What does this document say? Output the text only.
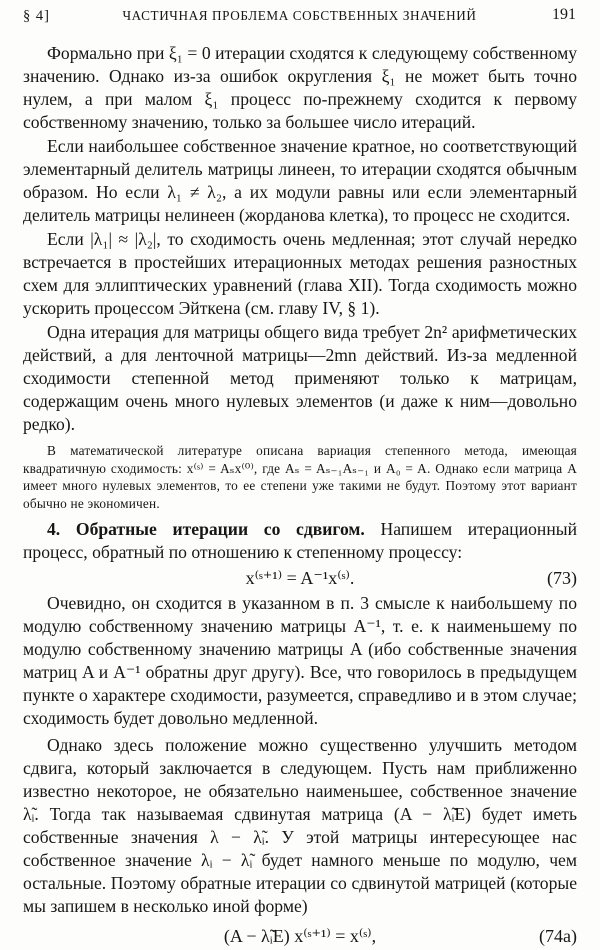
§ 4]	ЧАСТИЧНАЯ ПРОБЛЕМА СОБСТВЕННЫХ ЗНАЧЕНИЙ	191

Формально при ξ₁ = 0 итерации сходятся к следующему собственному значению. Однако из-за ошибок округления ξ₁ не может быть точно нулем, а при малом ξ₁ процесс по-прежнему сходится к первому собственному значению, только за большее число итераций.

Если наибольшее собственное значение кратное, но соответствующий элементарный делитель матрицы линеен, то итерации сходятся обычным образом. Но если λ₁ ≠ λ₂, а их модули равны или если элементарный делитель матрицы нелинеен (жорданова клетка), то процесс не сходится.

Если |λ₁| ≈ |λ₂|, то сходимость очень медленная; этот случай нередко встречается в простейших итерационных методах решения разностных схем для эллиптических уравнений (глава XII). Тогда сходимость можно ускорить процессом Эйткена (см. главу IV, § 1).

Одна итерация для матрицы общего вида требует 2n² арифметических действий, а для ленточной матрицы—2mn действий. Из-за медленной сходимости степенной метод применяют только к матрицам, содержащим очень много нулевых элементов (и даже к ним—довольно редко).

В математической литературе описана вариация степенного метода, имеющая квадратичную сходимость: x⁽ˢ⁾ = Aₛx⁽⁰⁾, где Aₛ = Aₛ₋₁Aₛ₋₁ и A₀ = A. Однако если матрица A имеет много нулевых элементов, то ее степени уже такими не будут. Поэтому этот вариант обычно не экономичен.

4. Обратные итерации со сдвигом. Напишем итерационный процесс, обратный по отношению к степенному процессу:

x⁽ˢ⁺¹⁾ = A⁻¹x⁽ˢ⁾.	(73)

Очевидно, он сходится в указанном в п. 3 смысле к наибольшему по модулю собственному значению матрицы A⁻¹, т. е. к наименьшему по модулю собственному значению матрицы A (ибо собственные значения матриц A и A⁻¹ обратны друг другу). Все, что говорилось в предыдущем пункте о характере сходимости, разумеется, справедливо и в этом случае; сходимость будет довольно медленной.

Однако здесь положение можно существенно улучшить методом сдвига, который заключается в следующем. Пусть нам приближенно известно некоторое, не обязательно наименьшее, собственное значение λ̃ᵢ. Тогда так называемая сдвинутая матрица (A − λ̃ᵢE) будет иметь собственные значения λ − λ̃ᵢ. У этой матрицы интересующее нас собственное значение λᵢ − λ̃ᵢ будет намного меньше по модулю, чем остальные. Поэтому обратные итерации со сдвинутой матрицей (которые мы запишем в несколько иной форме)

(A − λ̃ᵢE) x⁽ˢ⁺¹⁾ = x⁽ˢ⁾,	(74a)
